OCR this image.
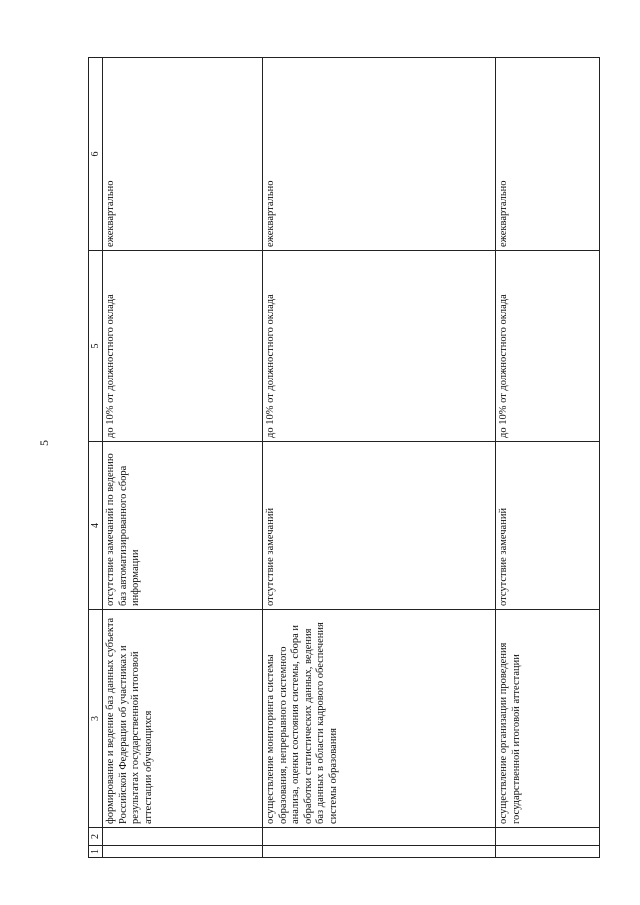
5
1	2	3	4	5	6
		формирование и ведение баз данных субъекта Российской Федерации об участниках и результатах государственной итоговой аттестации обучающихся	отсутствие замечаний по ведению баз автоматизированного сбора информации	до 10% от должностного оклада	ежеквартально
		осуществление мониторинга системы образования, непрерывного системного анализа, оценки состояния системы, сбора и обработки статистических данных, ведения баз данных в области кадрового обеспечения системы образования	отсутствие замечаний	до 10% от должностного оклада	ежеквартально
		осуществление организации проведения государственной итоговой аттестации	отсутствие замечаний	до 10% от должностного оклада	ежеквартально
